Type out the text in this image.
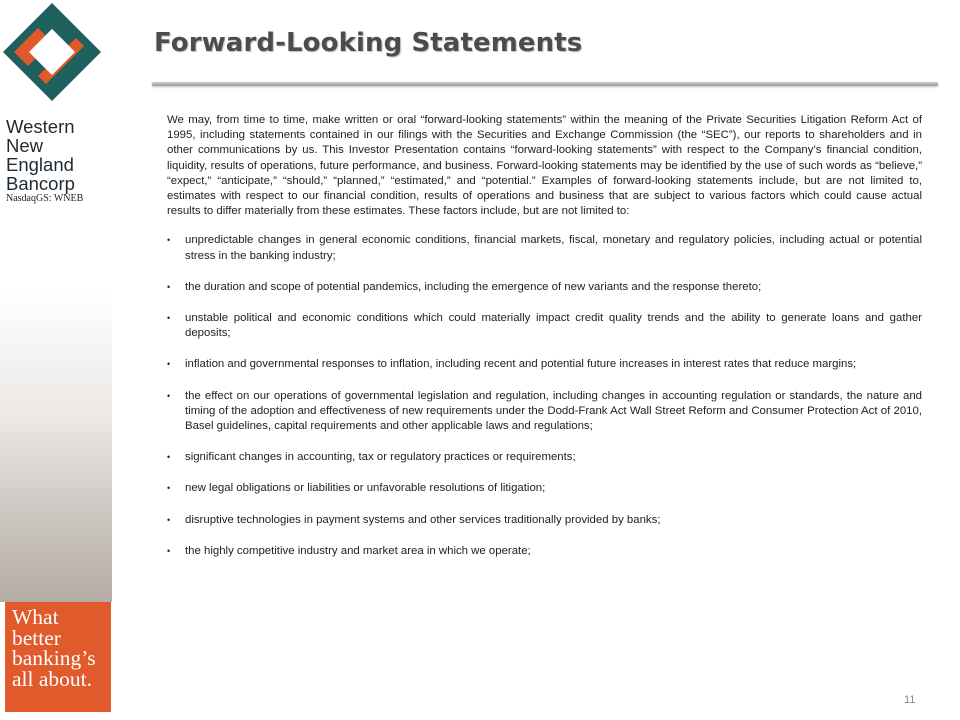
Western
New England
Bancorp
NasdaqGS: WNEB
What
better
banking’s
all about.
Forward-Looking Statements

We may, from time to time, make written or oral “forward-looking statements” within the meaning of the Private Securities Litigation Reform Act of 1995, including statements contained in our filings with the Securities and Exchange Commission (the “SEC”), our reports to shareholders and in other communications by us. This Investor Presentation contains “forward-looking statements” with respect to the Company’s financial condition, liquidity, results of operations, future performance, and business. Forward-looking statements may be identified by the use of such words as “believe,” “expect,” “anticipate,” “should,” “planned,” “estimated,” and “potential.” Examples of forward-looking statements include, but are not limited to, estimates with respect to our financial condition, results of operations and business that are subject to various factors which could cause actual results to differ materially from these estimates. These factors include, but are not limited to:

• unpredictable changes in general economic conditions, financial markets, fiscal, monetary and regulatory policies, including actual or potential stress in the banking industry;
• the duration and scope of potential pandemics, including the emergence of new variants and the response thereto;
• unstable political and economic conditions which could materially impact credit quality trends and the ability to generate loans and gather deposits;
• inflation and governmental responses to inflation, including recent and potential future increases in interest rates that reduce margins;
• the effect on our operations of governmental legislation and regulation, including changes in accounting regulation or standards, the nature and timing of the adoption and effectiveness of new requirements under the Dodd-Frank Act Wall Street Reform and Consumer Protection Act of 2010, Basel guidelines, capital requirements and other applicable laws and regulations;
• significant changes in accounting, tax or regulatory practices or requirements;
• new legal obligations or liabilities or unfavorable resolutions of litigation;
• disruptive technologies in payment systems and other services traditionally provided by banks;
• the highly competitive industry and market area in which we operate;
11
